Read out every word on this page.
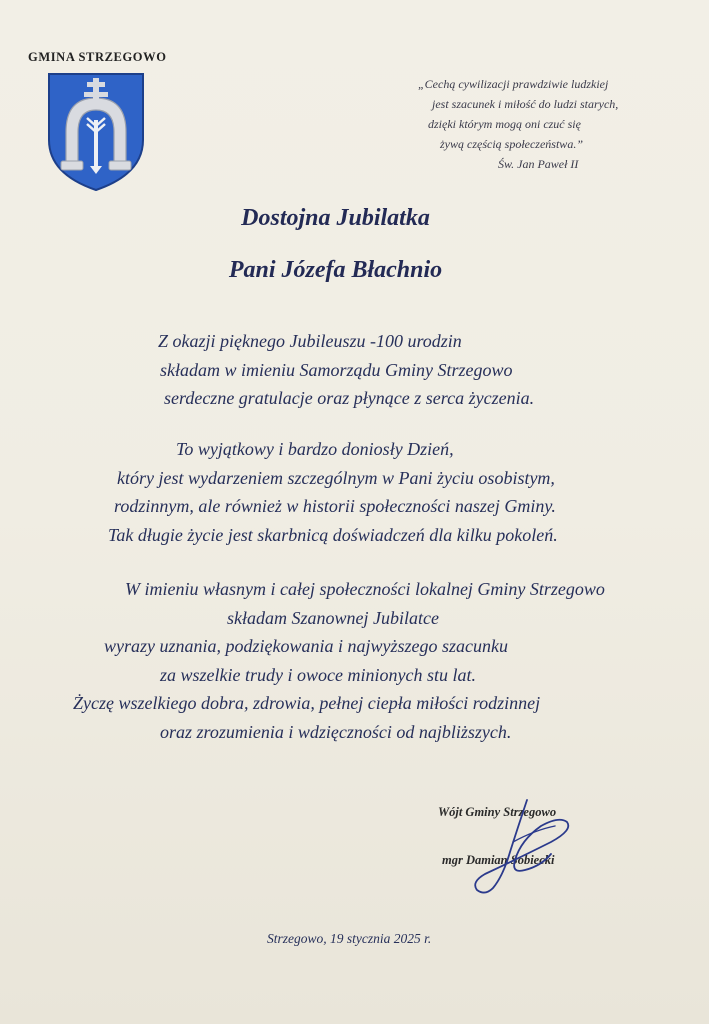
GMINA STRZEGOWO
„Cechą cywilizacji prawdziwie ludzkiej
jest szacunek i miłość do ludzi starych,
dzięki którym mogą oni czuć się
żywą częścią społeczeństwa.”
Św. Jan Paweł II
Dostojna Jubilatka
Pani Józefa Błachnio
Z okazji pięknego Jubileuszu -100 urodzin
składam w imieniu Samorządu Gminy Strzegowo
serdeczne gratulacje oraz płynące z serca życzenia.
To wyjątkowy i bardzo doniosły Dzień,
który jest wydarzeniem szczególnym w Pani życiu osobistym,
rodzinnym, ale również w historii społeczności naszej Gminy.
Tak długie życie jest skarbnicą doświadczeń dla kilku pokoleń.
W imieniu własnym i całej społeczności lokalnej Gminy Strzegowo
składam Szanownej Jubilatce
wyrazy uznania, podziękowania i najwyższego szacunku
za wszelkie trudy i owoce minionych stu lat.
Życzę wszelkiego dobra, zdrowia, pełnej ciepła miłości rodzinnej
oraz zrozumienia i wdzięczności od najbliższych.
Wójt Gminy Strzegowo
mgr Damian Sobiecki
Strzegowo, 19 stycznia 2025 r.
